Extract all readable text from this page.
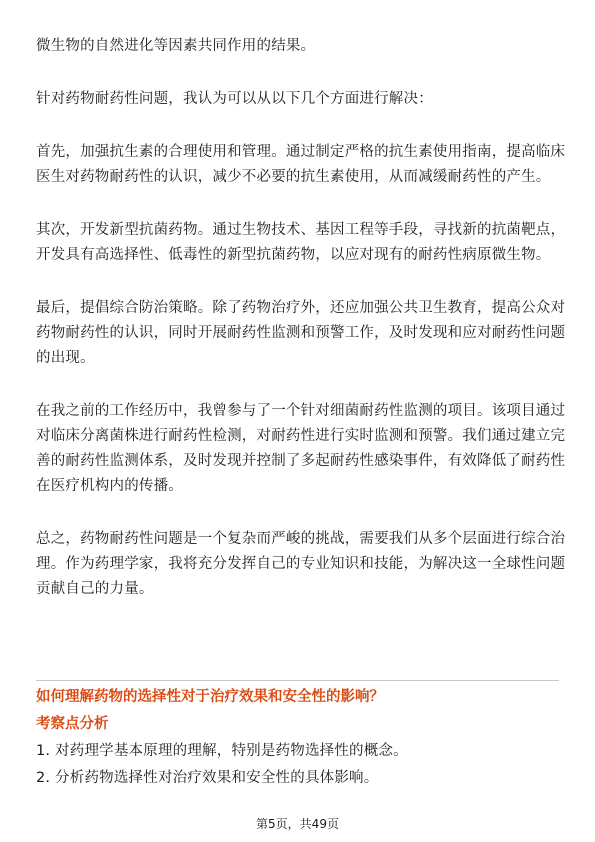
微生物的自然进化等因素共同作用的结果。

针对药物耐药性问题，我认为可以从以下几个方面进行解决：

首先，加强抗生素的合理使用和管理。通过制定严格的抗生素使用指南，提高临床医生对药物耐药性的认识，减少不必要的抗生素使用，从而减缓耐药性的产生。

其次，开发新型抗菌药物。通过生物技术、基因工程等手段，寻找新的抗菌靶点，开发具有高选择性、低毒性的新型抗菌药物，以应对现有的耐药性病原微生物。

最后，提倡综合防治策略。除了药物治疗外，还应加强公共卫生教育，提高公众对药物耐药性的认识，同时开展耐药性监测和预警工作，及时发现和应对耐药性问题的出现。

在我之前的工作经历中，我曾参与了一个针对细菌耐药性监测的项目。该项目通过对临床分离菌株进行耐药性检测，对耐药性进行实时监测和预警。我们通过建立完善的耐药性监测体系，及时发现并控制了多起耐药性感染事件，有效降低了耐药性在医疗机构内的传播。

总之，药物耐药性问题是一个复杂而严峻的挑战，需要我们从多个层面进行综合治理。作为药理学家，我将充分发挥自己的专业知识和技能，为解决这一全球性问题贡献自己的力量。

如何理解药物的选择性对于治疗效果和安全性的影响？

考察点分析

1. 对药理学基本原理的理解，特别是药物选择性的概念。

2. 分析药物选择性对治疗效果和安全性的具体影响。

第5页，共49页
